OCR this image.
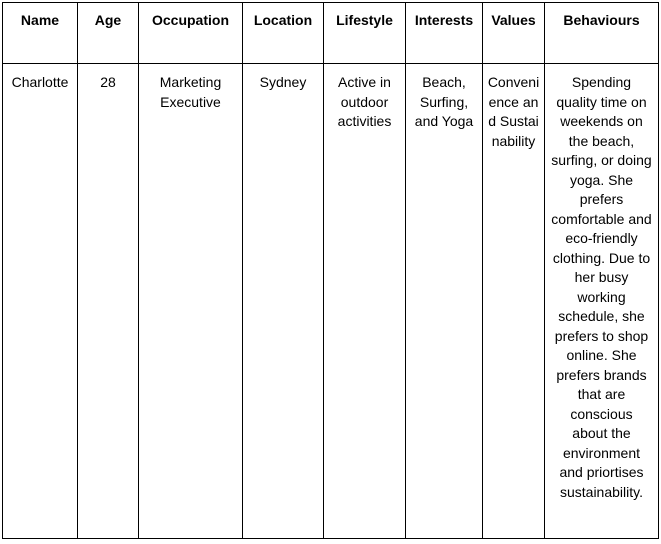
Name	Age	Occupation	Location	Lifestyle	Interests	Values	Behaviours

Charlotte	28	Marketing Executive	Sydney	Active in outdoor activities	Beach, Surfing, and Yoga	Convenience and Sustainability	Spending quality time on weekends on the beach, surfing, or doing yoga. She prefers comfortable and eco-friendly clothing. Due to her busy working schedule, she prefers to shop online. She prefers brands that are conscious about the environment and priortises sustainability.
